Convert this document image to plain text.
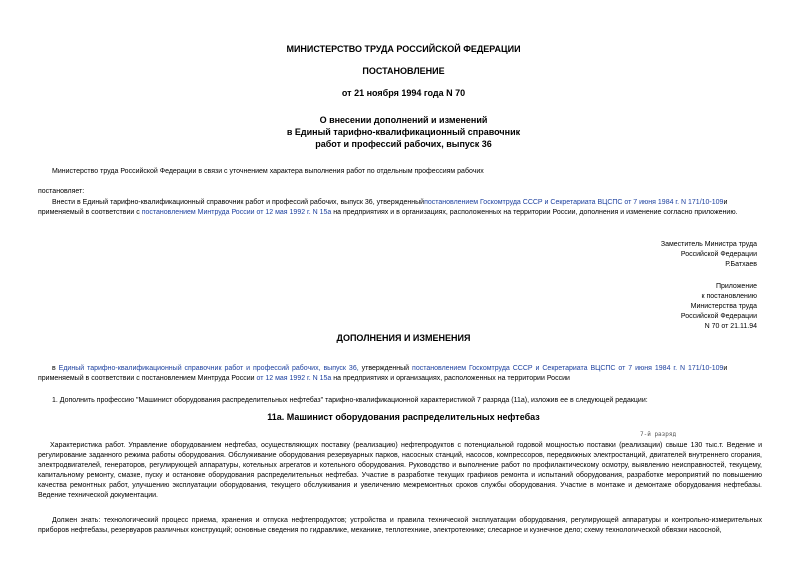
МИНИСТЕРСТВО ТРУДА РОССИЙСКОЙ ФЕДЕРАЦИИ
ПОСТАНОВЛЕНИЕ
от 21 ноября 1994 года N 70
О внесении дополнений и изменений
в Единый тарифно-квалификационный справочник
работ и профессий рабочих, выпуск 36
Министерство труда Российской Федерации в связи с уточнением характера выполнения работ по отдельным профессиям рабочих
постановляет:
Внести в Единый тарифно-квалификационный справочник работ и профессий рабочих, выпуск 36, утвержденныйпостановлением Госкомтруда СССР и Секретариата ВЦСПС от 7 июня 1984 г. N 171/10-109и
применяемый в соответствии с постановлением Минтруда России от 12 мая 1992 г. N 15а на предприятиях и в организациях, расположенных на территории России, дополнения и изменение согласно приложению.
Заместитель Министра труда
Российской Федерации
Р.Батхаев
Приложение
к постановлению
Министерства труда
Российской Федерации
N 70 от 21.11.94
ДОПОЛНЕНИЯ И ИЗМЕНЕНИЯ
в Единый тарифно-квалификационный справочник работ и профессий рабочих, выпуск 36, утвержденный постановлением Госкомтруда СССР и Секретариата ВЦСПС от 7 июня 1984 г. N 171/10-109и
применяемый в соответствии с постановлением Минтруда России от 12 мая 1992 г. N 15а на предприятиях и организациях, расположенных на территории России
1. Дополнить профессию "Машинист оборудования распределительных нефтебаз" тарифно-квалификационной характеристикой 7 разряда (11а), изложив ее в следующей редакции:
11а. Машинист оборудования распределительных нефтебаз
7-й разряд
Характеристика работ. Управление оборудованием нефтебаз, осуществляющих поставку (реализацию) нефтепродуктов с потенциальной годовой мощностью поставки (реализации) свыше 130 тыс.т. Ведение и регулирование заданного режима работы оборудования. Обслуживание оборудования резервуарных парков, насосных станций, насосов, компрессоров, передвижных электростанций, двигателей внутреннего сгорания, электродвигателей, генераторов, регулирующей аппаратуры, котельных агрегатов и котельного оборудования. Руководство и выполнение работ по профилактическому осмотру, выявлению неисправностей, текущему, капитальному ремонту, смазке, пуску и остановке оборудования распределительных нефтебаз. Участие в разработке текущих графиков ремонта и испытаний оборудования, разработке мероприятий по повышению качества ремонтных работ, улучшению эксплуатации оборудования, текущего обслуживания и увеличению межремонтных сроков службы оборудования. Участие в монтаже и демонтаже оборудования нефтебазы. Ведение технической документации.
Должен знать: технологический процесс приема, хранения и отпуска нефтепродуктов; устройства и правила технической эксплуатации оборудования, регулирующей аппаратуры и контрольно-измерительных приборов нефтебазы, резервуаров различных конструкций; основные сведения по гидравлике, механике, теплотехнике, электротехнике; слесарное и кузнечное дело; схему технологической обвязки насосной,
